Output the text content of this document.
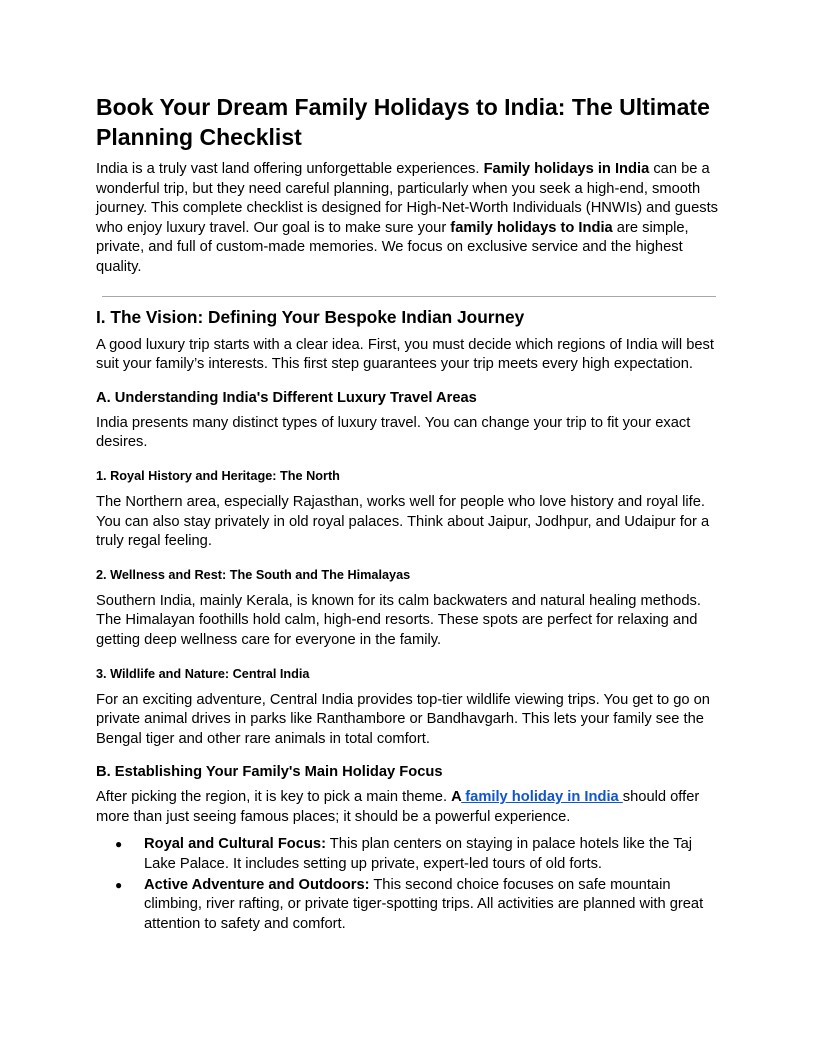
Book Your Dream Family Holidays to India: The Ultimate Planning Checklist

India is a truly vast land offering unforgettable experiences. Family holidays in India can be a wonderful trip, but they need careful planning, particularly when you seek a high-end, smooth journey. This complete checklist is designed for High-Net-Worth Individuals (HNWIs) and guests who enjoy luxury travel. Our goal is to make sure your family holidays to India are simple, private, and full of custom-made memories. We focus on exclusive service and the highest quality.

I. The Vision: Defining Your Bespoke Indian Journey

A good luxury trip starts with a clear idea. First, you must decide which regions of India will best suit your family’s interests. This first step guarantees your trip meets every high expectation.

A. Understanding India's Different Luxury Travel Areas

India presents many distinct types of luxury travel. You can change your trip to fit your exact desires.

1. Royal History and Heritage: The North

The Northern area, especially Rajasthan, works well for people who love history and royal life. You can also stay privately in old royal palaces. Think about Jaipur, Jodhpur, and Udaipur for a truly regal feeling.

2. Wellness and Rest: The South and The Himalayas

Southern India, mainly Kerala, is known for its calm backwaters and natural healing methods. The Himalayan foothills hold calm, high-end resorts. These spots are perfect for relaxing and getting deep wellness care for everyone in the family.

3. Wildlife and Nature: Central India

For an exciting adventure, Central India provides top-tier wildlife viewing trips. You get to go on private animal drives in parks like Ranthambore or Bandhavgarh. This lets your family see the Bengal tiger and other rare animals in total comfort.

B. Establishing Your Family's Main Holiday Focus

After picking the region, it is key to pick a main theme. A family holiday in India should offer more than just seeing famous places; it should be a powerful experience.

● Royal and Cultural Focus: This plan centers on staying in palace hotels like the Taj Lake Palace. It includes setting up private, expert-led tours of old forts.
● Active Adventure and Outdoors: This second choice focuses on safe mountain climbing, river rafting, or private tiger-spotting trips. All activities are planned with great attention to safety and comfort.
